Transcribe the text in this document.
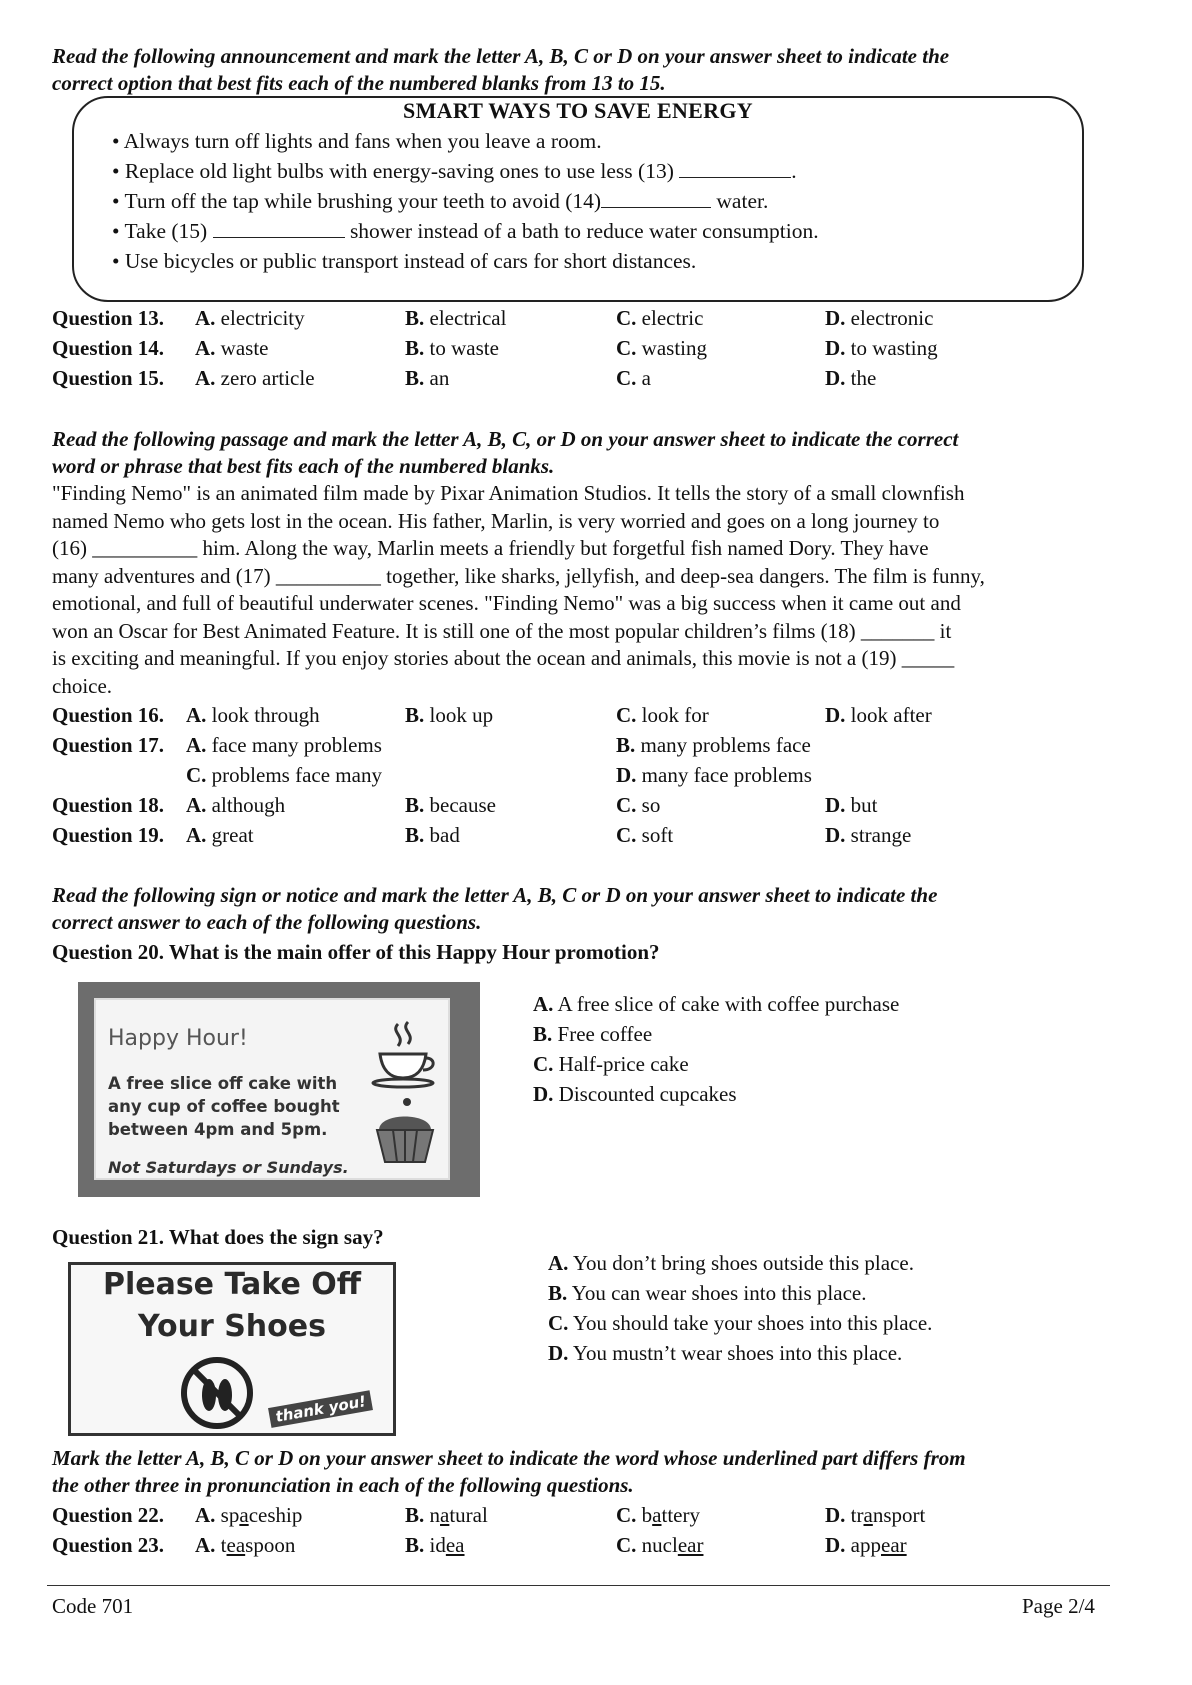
Read the following announcement and mark the letter A, B, C or D on your answer sheet to indicate the
correct option that best fits each of the numbered blanks from 13 to 15.
SMART WAYS TO SAVE ENERGY
• Always turn off lights and fans when you leave a room.
• Replace old light bulbs with energy-saving ones to use less (13)	.
• Turn off the tap while brushing your teeth to avoid (14)	water.
• Take (15)	shower instead of a bath to reduce water consumption.
• Use bicycles or public transport instead of cars for short distances.
Question 13. A. electricity	B. electrical	C. electric	D. electronic
Question 14. A. waste	B. to waste	C. wasting	D. to wasting
Question 15. A. zero article	B. an	C. a	D. the
Read the following passage and mark the letter A, B, C, or D on your answer sheet to indicate the correct
word or phrase that best fits each of the numbered blanks.
"Finding Nemo" is an animated film made by Pixar Animation Studios. It tells the story of a small clownfish
named Nemo who gets lost in the ocean. His father, Marlin, is very worried and goes on a long journey to
(16) __________ him. Along the way, Marlin meets a friendly but forgetful fish named Dory. They have
many adventures and (17) __________ together, like sharks, jellyfish, and deep-sea dangers. The film is funny,
emotional, and full of beautiful underwater scenes. "Finding Nemo" was a big success when it came out and
won an Oscar for Best Animated Feature. It is still one of the most popular children’s films (18) _______ it
is exciting and meaningful. If you enjoy stories about the ocean and animals, this movie is not a (19) _____
choice.
Question 16. A. look through	B. look up	C. look for	D. look after
Question 17. A. face many problems	B. many problems face
C. problems face many	D. many face problems
Question 18. A. although	B. because	C. so	D. but
Question 19. A. great	B. bad	C. soft	D. strange
Read the following sign or notice and mark the letter A, B, C or D on your answer sheet to indicate the
correct answer to each of the following questions.
Question 20. What is the main offer of this Happy Hour promotion?
Happy Hour!
A free slice off cake with
any cup of coffee bought
between 4pm and 5pm.
Not Saturdays or Sundays.
A. A free slice of cake with coffee purchase
B. Free coffee
C. Half-price cake
D. Discounted cupcakes
Question 21. What does the sign say?
Please Take Off
Your Shoes
thank you!
A. You don’t bring shoes outside this place.
B. You can wear shoes into this place.
C. You should take your shoes into this place.
D. You mustn’t wear shoes into this place.
Mark the letter A, B, C or D on your answer sheet to indicate the word whose underlined part differs from
the other three in pronunciation in each of the following questions.
Question 22. A. spaceship	B. natural	C. battery	D. transport
Question 23. A. teaspoon	B. idea	C. nuclear	D. appear
Code 701	Page 2/4
